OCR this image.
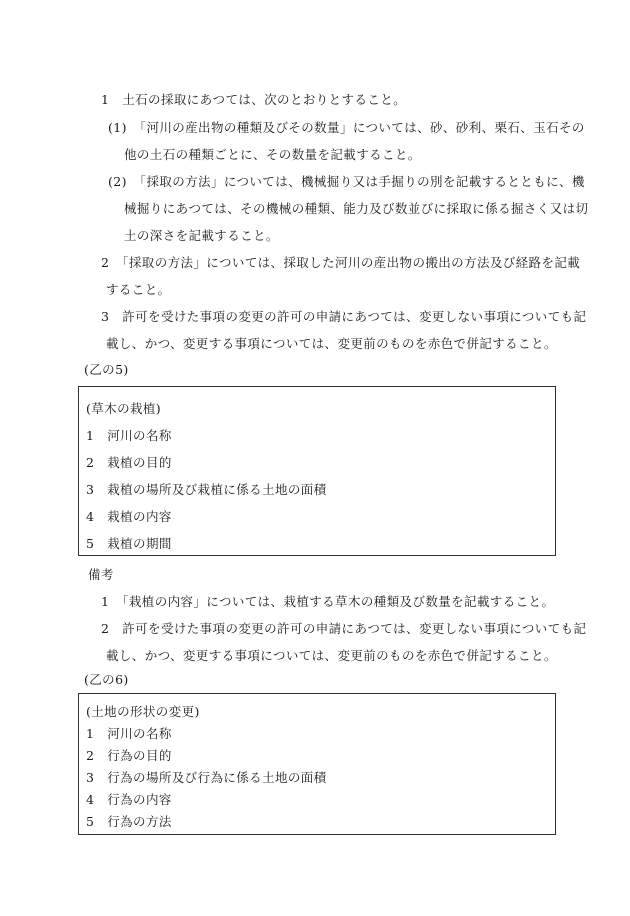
1　土石の採取にあつては、次のとおりとすること。
(1)　「河川の産出物の種類及びその数量」については、砂、砂利、栗石、玉石その
他の土石の種類ごとに、その数量を記載すること。
(2)　「採取の方法」については、機械掘り又は手掘りの別を記載するとともに、機
械掘りにあつては、その機械の種類、能力及び数並びに採取に係る掘さく又は切
土の深さを記載すること。
2　「採取の方法」については、採取した河川の産出物の搬出の方法及び経路を記載
すること。
3　許可を受けた事項の変更の許可の申請にあつては、変更しない事項についても記
載し、かつ、変更する事項については、変更前のものを赤色で併記すること。
(乙の5)
(草木の栽植)
1　河川の名称
2　栽植の目的
3　栽植の場所及び栽植に係る土地の面積
4　栽植の内容
5　栽植の期間
備考
1　「栽植の内容」については、栽植する草木の種類及び数量を記載すること。
2　許可を受けた事項の変更の許可の申請にあつては、変更しない事項についても記
載し、かつ、変更する事項については、変更前のものを赤色で併記すること。
(乙の6)
(土地の形状の変更)
1　河川の名称
2　行為の目的
3　行為の場所及び行為に係る土地の面積
4　行為の内容
5　行為の方法
